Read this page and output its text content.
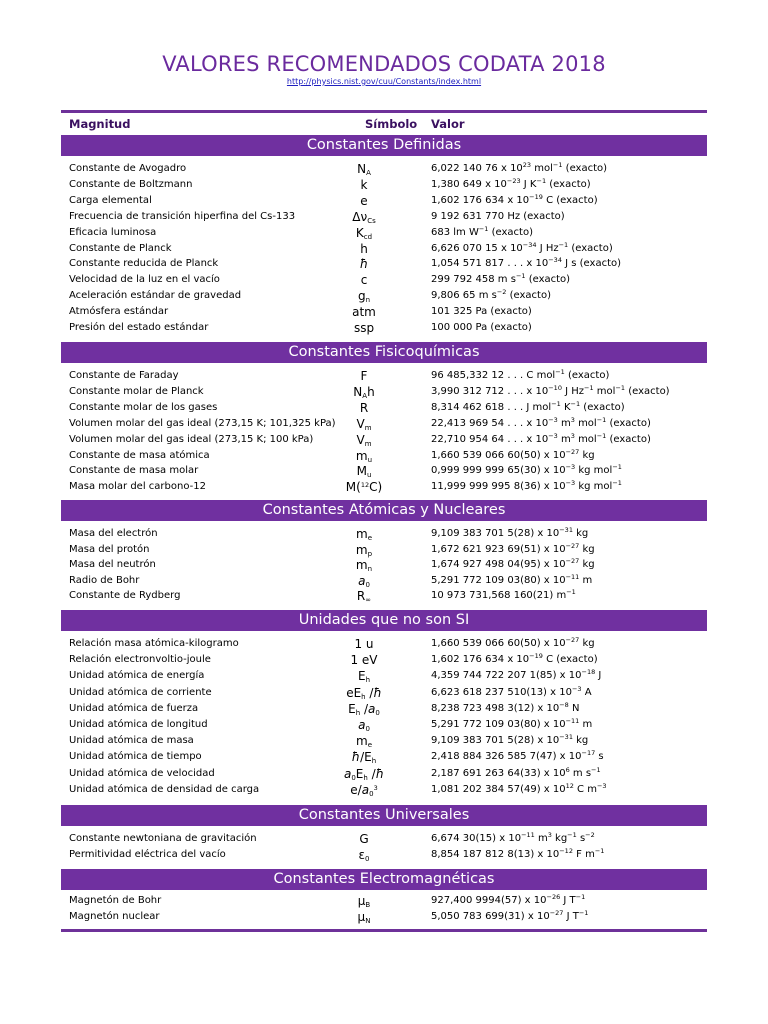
VALORES RECOMENDADOS CODATA 2018
http://physics.nist.gov/cuu/Constants/index.html
Magnitud	Símbolo Valor
Constantes Definidas
Constante de Avogadro	$N_A$	6,022 140 76 x $10^{23}$ mol$^{-1}$ (exacto)
Constante de Boltzmann	k	1,380 649 x $10^{-23}$ J $K^{-1}$ (exacto)
Carga elemental	e	1,602 176 634 x $10^{-19}$ C (exacto)
Frecuencia de transición hiperfina del Cs-133	$\Delta\nu_{Cs}$	9 192 631 770 Hz (exacto)
Eficacia luminosa	$K_{cd}$	683 lm $W^{-1}$ (exacto)
Constante de Planck	h	6,626 070 15 x $10^{-34}$ J $Hz^{-1}$ (exacto)
Constante reducida de Planck	ħ	1,054 571 817 . . . x $10^{-34}$ J s (exacto)
Velocidad de la luz en el vacío	c	299 792 458 m $s^{-1}$ (exacto)
Aceleración estándar de gravedad	$g_n$	9,806 65 m $s^{-2}$ (exacto)
Atmósfera estándar	atm	101 325 Pa (exacto)
Presión del estado estándar	ssp	100 000 Pa (exacto)
Constantes Fisicoquímicas
Constante de Faraday	F	96 485,332 12 . . . C mol$^{-1}$ (exacto)
Constante molar de Planck	$N_Ah$	3,990 312 712 . . . x $10^{-10}$ J $Hz^{-1}$ mol$^{-1}$ (exacto)
Constante molar de los gases	R	8,314 462 618 . . . J mol$^{-1}$ $K^{-1}$ (exacto)
Volumen molar del gas ideal (273,15 K; 101,325 kPa)	$V_m$	22,413 969 54 . . . x $10^{-3}$ $m^3$ mol$^{-1}$ (exacto)
Volumen molar del gas ideal (273,15 K; 100 kPa)	$V_m$	22,710 954 64 . . . x $10^{-3}$ $m^3$ mol$^{-1}$ (exacto)
Constante de masa atómica	$m_u$	1,660 539 066 60(50) x $10^{-27}$ kg
Constante de masa molar	$M_u$	0,999 999 999 65(30) x $10^{-3}$ kg mol$^{-1}$
Masa molar del carbono-12	M($^{12}$C)	11,999 999 995 8(36) x $10^{-3}$ kg mol$^{-1}$
Constantes Atómicas y Nucleares
Masa del electrón	$m_e$	9,109 383 701 5(28) x $10^{-31}$ kg
Masa del protón	$m_p$	1,672 621 923 69(51) x $10^{-27}$ kg
Masa del neutrón	$m_n$	1,674 927 498 04(95) x $10^{-27}$ kg
Radio de Bohr	$a_0$	5,291 772 109 03(80) x $10^{-11}$ m
Constante de Rydberg	$R_\infty$	10 973 731,568 160(21) $m^{-1}$
Unidades que no son SI
Relación masa atómica-kilogramo	1 u	1,660 539 066 60(50) x $10^{-27}$ kg
Relación electronvoltio-joule	1 eV	1,602 176 634 x $10^{-19}$ C (exacto)
Unidad atómica de energía	$E_h$	4,359 744 722 207 1(85) x $10^{-18}$ J
Unidad atómica de corriente	$eE_h$ /ħ	6,623 618 237 510(13) x $10^{-3}$ A
Unidad atómica de fuerza	$E_h$ $/a_0$	8,238 723 498 3(12) x $10^{-8}$ N
Unidad atómica de longitud	$a_0$	5,291 772 109 03(80) x $10^{-11}$ m
Unidad atómica de masa	$m_e$	9,109 383 701 5(28) x $10^{-31}$ kg
Unidad atómica de tiempo	$ħ/E_h$	2,418 884 326 585 7(47) x $10^{-17}$ s
Unidad atómica de velocidad	$a_0E_h$ /ħ	2,187 691 263 64(33) x $10^6$ m $s^{-1}$
Unidad atómica de densidad de carga	$e/a_0^3$	1,081 202 384 57(49) x $10^{12}$ C $m^{-3}$
Constantes Universales
Constante newtoniana de gravitación	G	6,674 30(15) x $10^{-11}$ $m^3$ $kg^{-1}$ $s^{-2}$
Permitividad eléctrica del vacío	$\varepsilon_0$	8,854 187 812 8(13) x $10^{-12}$ F $m^{-1}$
Constantes Electromagnéticas
Magnetón de Bohr	$\mu_B$	927,400 9994(57) x $10^{-26}$ J $T^{-1}$
Magnetón nuclear	$\mu_N$	5,050 783 699(31) x $10^{-27}$ J $T^{-1}$
